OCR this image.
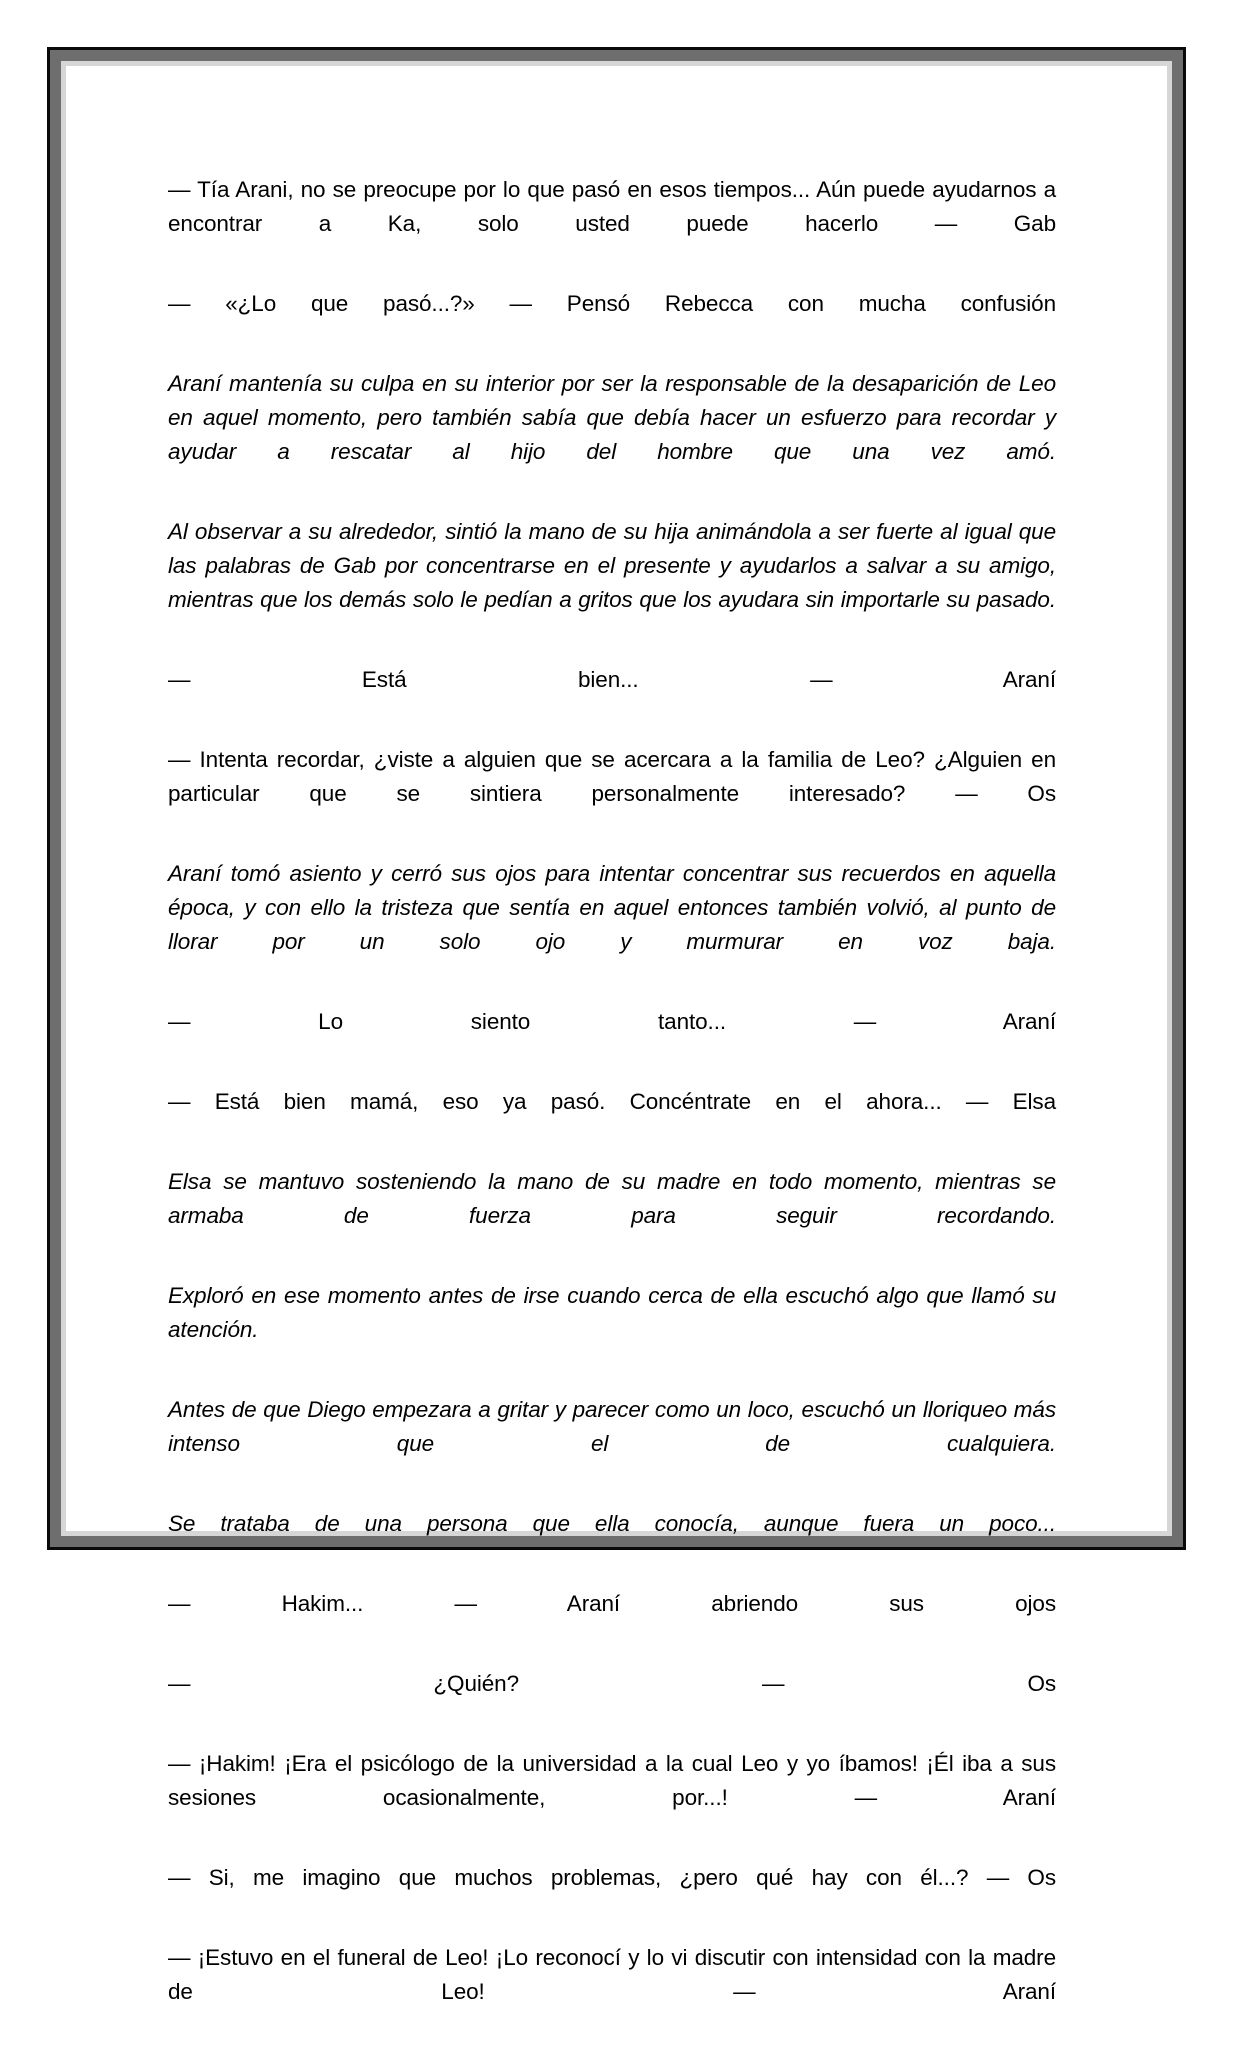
— Tía Arani, no se preocupe por lo que pasó en esos tiempos... Aún puede ayudarnos a encontrar a Ka, solo usted puede hacerlo — Gab

— «¿Lo que pasó...?» — Pensó Rebecca con mucha confusión

Araní mantenía su culpa en su interior por ser la responsable de la desaparición de Leo en aquel momento, pero también sabía que debía hacer un esfuerzo para recordar y ayudar a rescatar al hijo del hombre que una vez amó.

Al observar a su alrededor, sintió la mano de su hija animándola a ser fuerte al igual que las palabras de Gab por concentrarse en el presente y ayudarlos a salvar a su amigo, mientras que los demás solo le pedían a gritos que los ayudara sin importarle su pasado.

— Está bien... — Araní

— Intenta recordar, ¿viste a alguien que se acercara a la familia de Leo? ¿Alguien en particular que se sintiera personalmente interesado? — Os

Araní tomó asiento y cerró sus ojos para intentar concentrar sus recuerdos en aquella época, y con ello la tristeza que sentía en aquel entonces también volvió, al punto de llorar por un solo ojo y murmurar en voz baja.

— Lo siento tanto... — Araní

— Está bien mamá, eso ya pasó. Concéntrate en el ahora... — Elsa

Elsa se mantuvo sosteniendo la mano de su madre en todo momento, mientras se armaba de fuerza para seguir recordando.

Exploró en ese momento antes de irse cuando cerca de ella escuchó algo que llamó su atención.

Antes de que Diego empezara a gritar y parecer como un loco, escuchó un lloriqueo más intenso que el de cualquiera.

Se trataba de una persona que ella conocía, aunque fuera un poco...

— Hakim... — Araní abriendo sus ojos

— ¿Quién? — Os

— ¡Hakim! ¡Era el psicólogo de la universidad a la cual Leo y yo íbamos! ¡Él iba a sus sesiones ocasionalmente, por...! — Araní

— Si, me imagino que muchos problemas, ¿pero qué hay con él...? — Os

— ¡Estuvo en el funeral de Leo! ¡Lo reconocí y lo vi discutir con intensidad con la madre de Leo! — Araní
